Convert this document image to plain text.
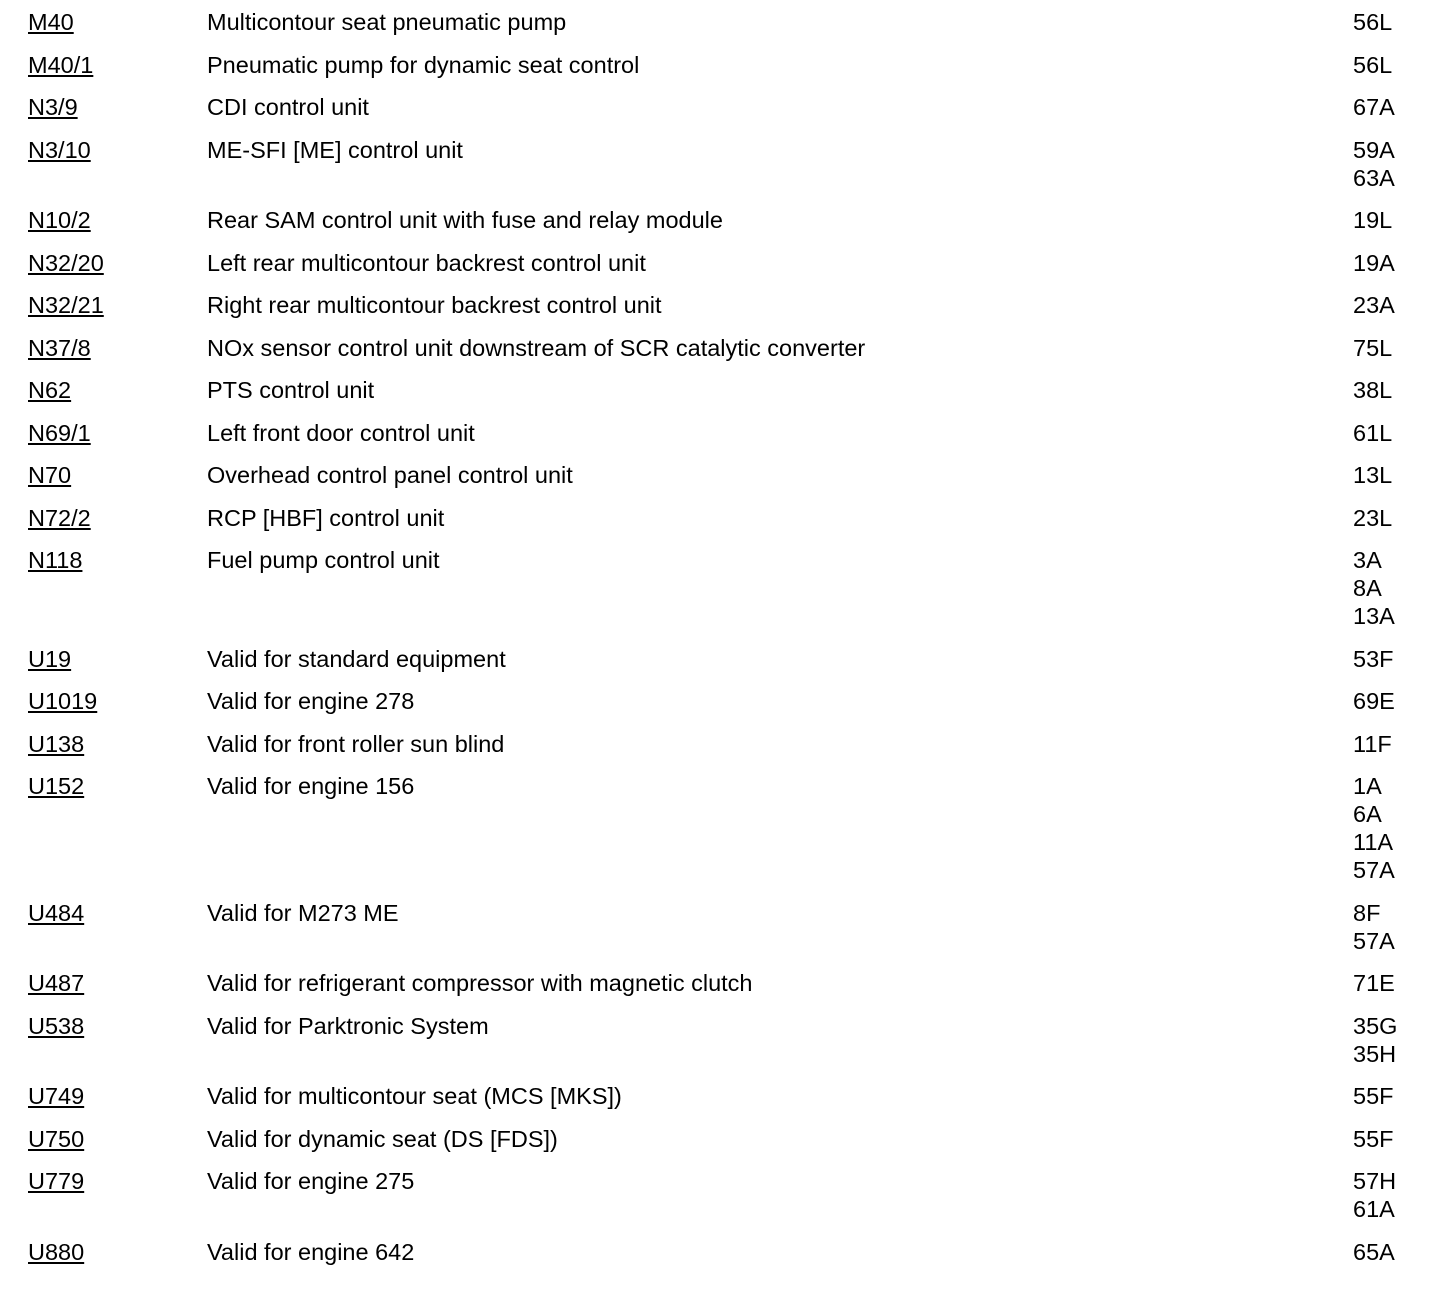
M40	Multicontour seat pneumatic pump	56L
M40/1	Pneumatic pump for dynamic seat control	56L
N3/9	CDI control unit	67A
N3/10	ME-SFI [ME] control unit	59A
63A
N10/2	Rear SAM control unit with fuse and relay module	19L
N32/20	Left rear multicontour backrest control unit	19A
N32/21	Right rear multicontour backrest control unit	23A
N37/8	NOx sensor control unit downstream of SCR catalytic converter	75L
N62	PTS control unit	38L
N69/1	Left front door control unit	61L
N70	Overhead control panel control unit	13L
N72/2	RCP [HBF] control unit	23L
N118	Fuel pump control unit	3A
8A
13A
U19	Valid for standard equipment	53F
U1019	Valid for engine 278	69E
U138	Valid for front roller sun blind	11F
U152	Valid for engine 156	1A
6A
11A
57A
U484	Valid for M273 ME	8F
57A
U487	Valid for refrigerant compressor with magnetic clutch	71E
U538	Valid for Parktronic System	35G
35H
U749	Valid for multicontour seat (MCS [MKS])	55F
U750	Valid for dynamic seat (DS [FDS])	55F
U779	Valid for engine 275	57H
61A
U880	Valid for engine 642	65A
